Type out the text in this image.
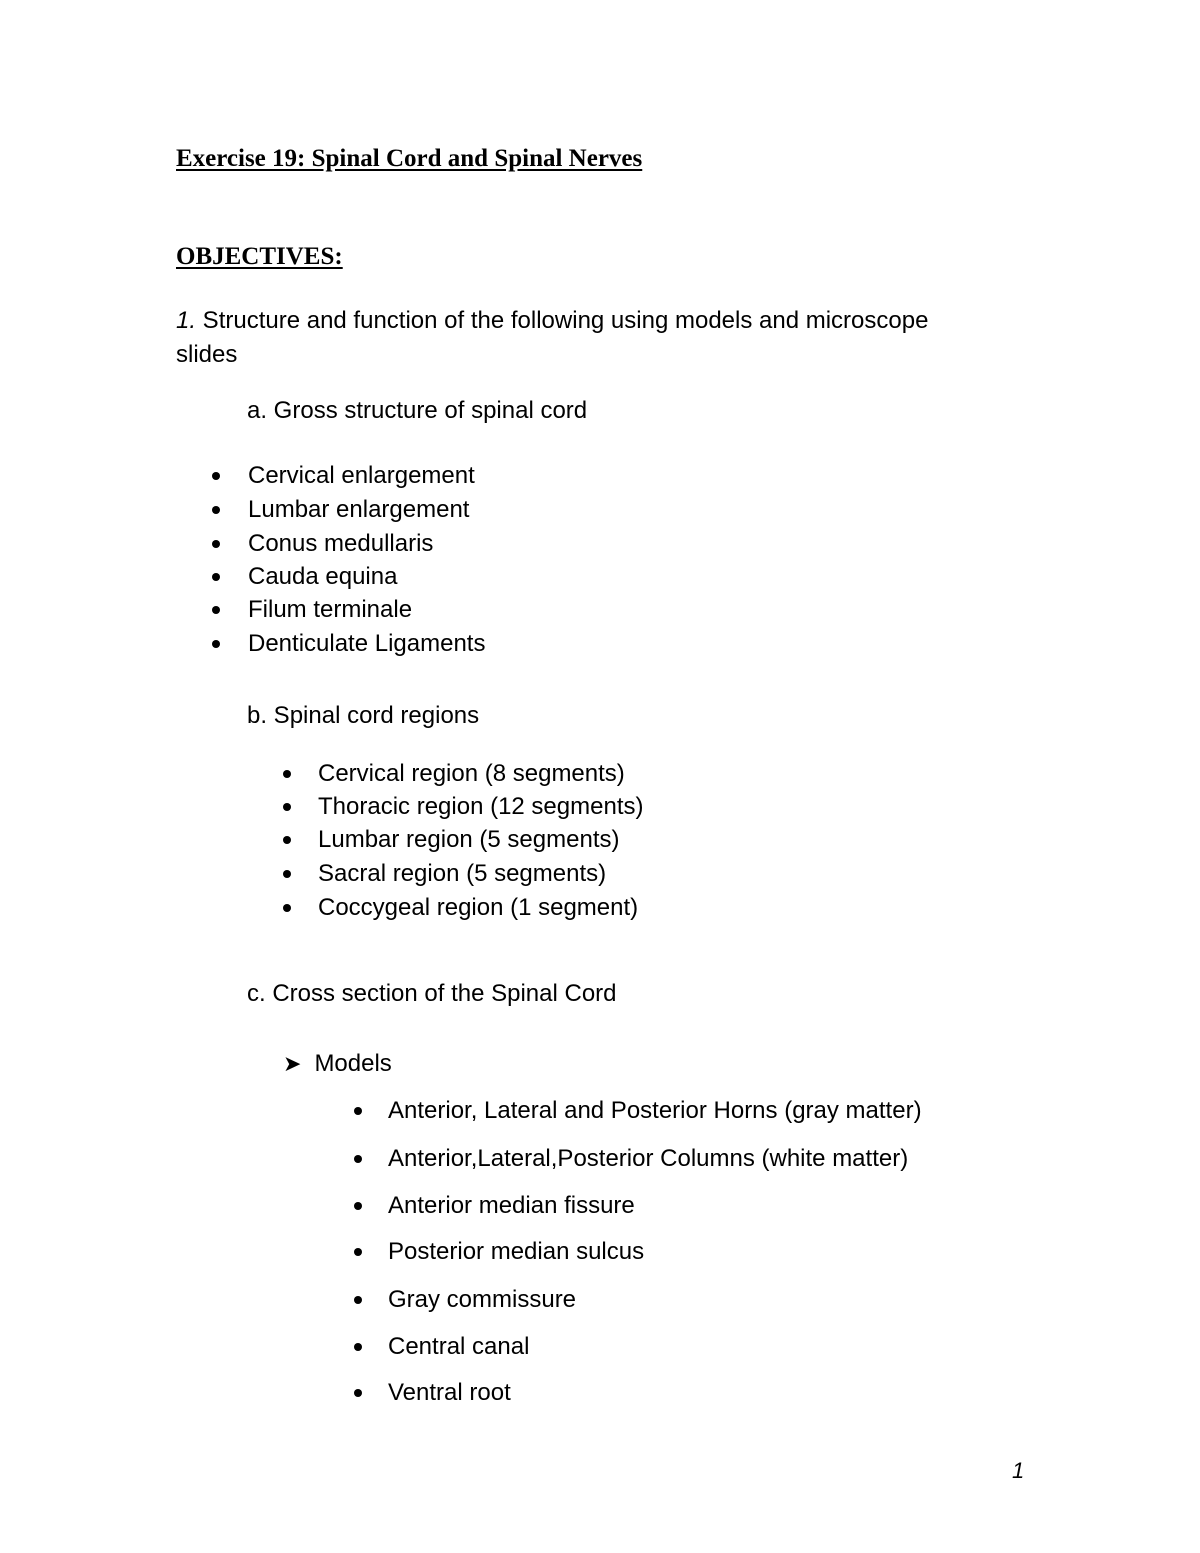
Exercise 19: Spinal Cord and Spinal Nerves
OBJECTIVES:
1. Structure and function of the following using models and microscope
slides
a. Gross structure of spinal cord
Cervical enlargement
Lumbar enlargement
Conus medullaris
Cauda equina
Filum terminale
Denticulate Ligaments
b. Spinal cord regions
Cervical region (8 segments)
Thoracic region (12 segments)
Lumbar region (5 segments)
Sacral region (5 segments)
Coccygeal region (1 segment)
c. Cross section of the Spinal Cord
➤ Models
Anterior, Lateral and Posterior Horns (gray matter)
Anterior,Lateral,Posterior Columns (white matter)
Anterior median fissure
Posterior median sulcus
Gray commissure
Central canal
Ventral root
1
